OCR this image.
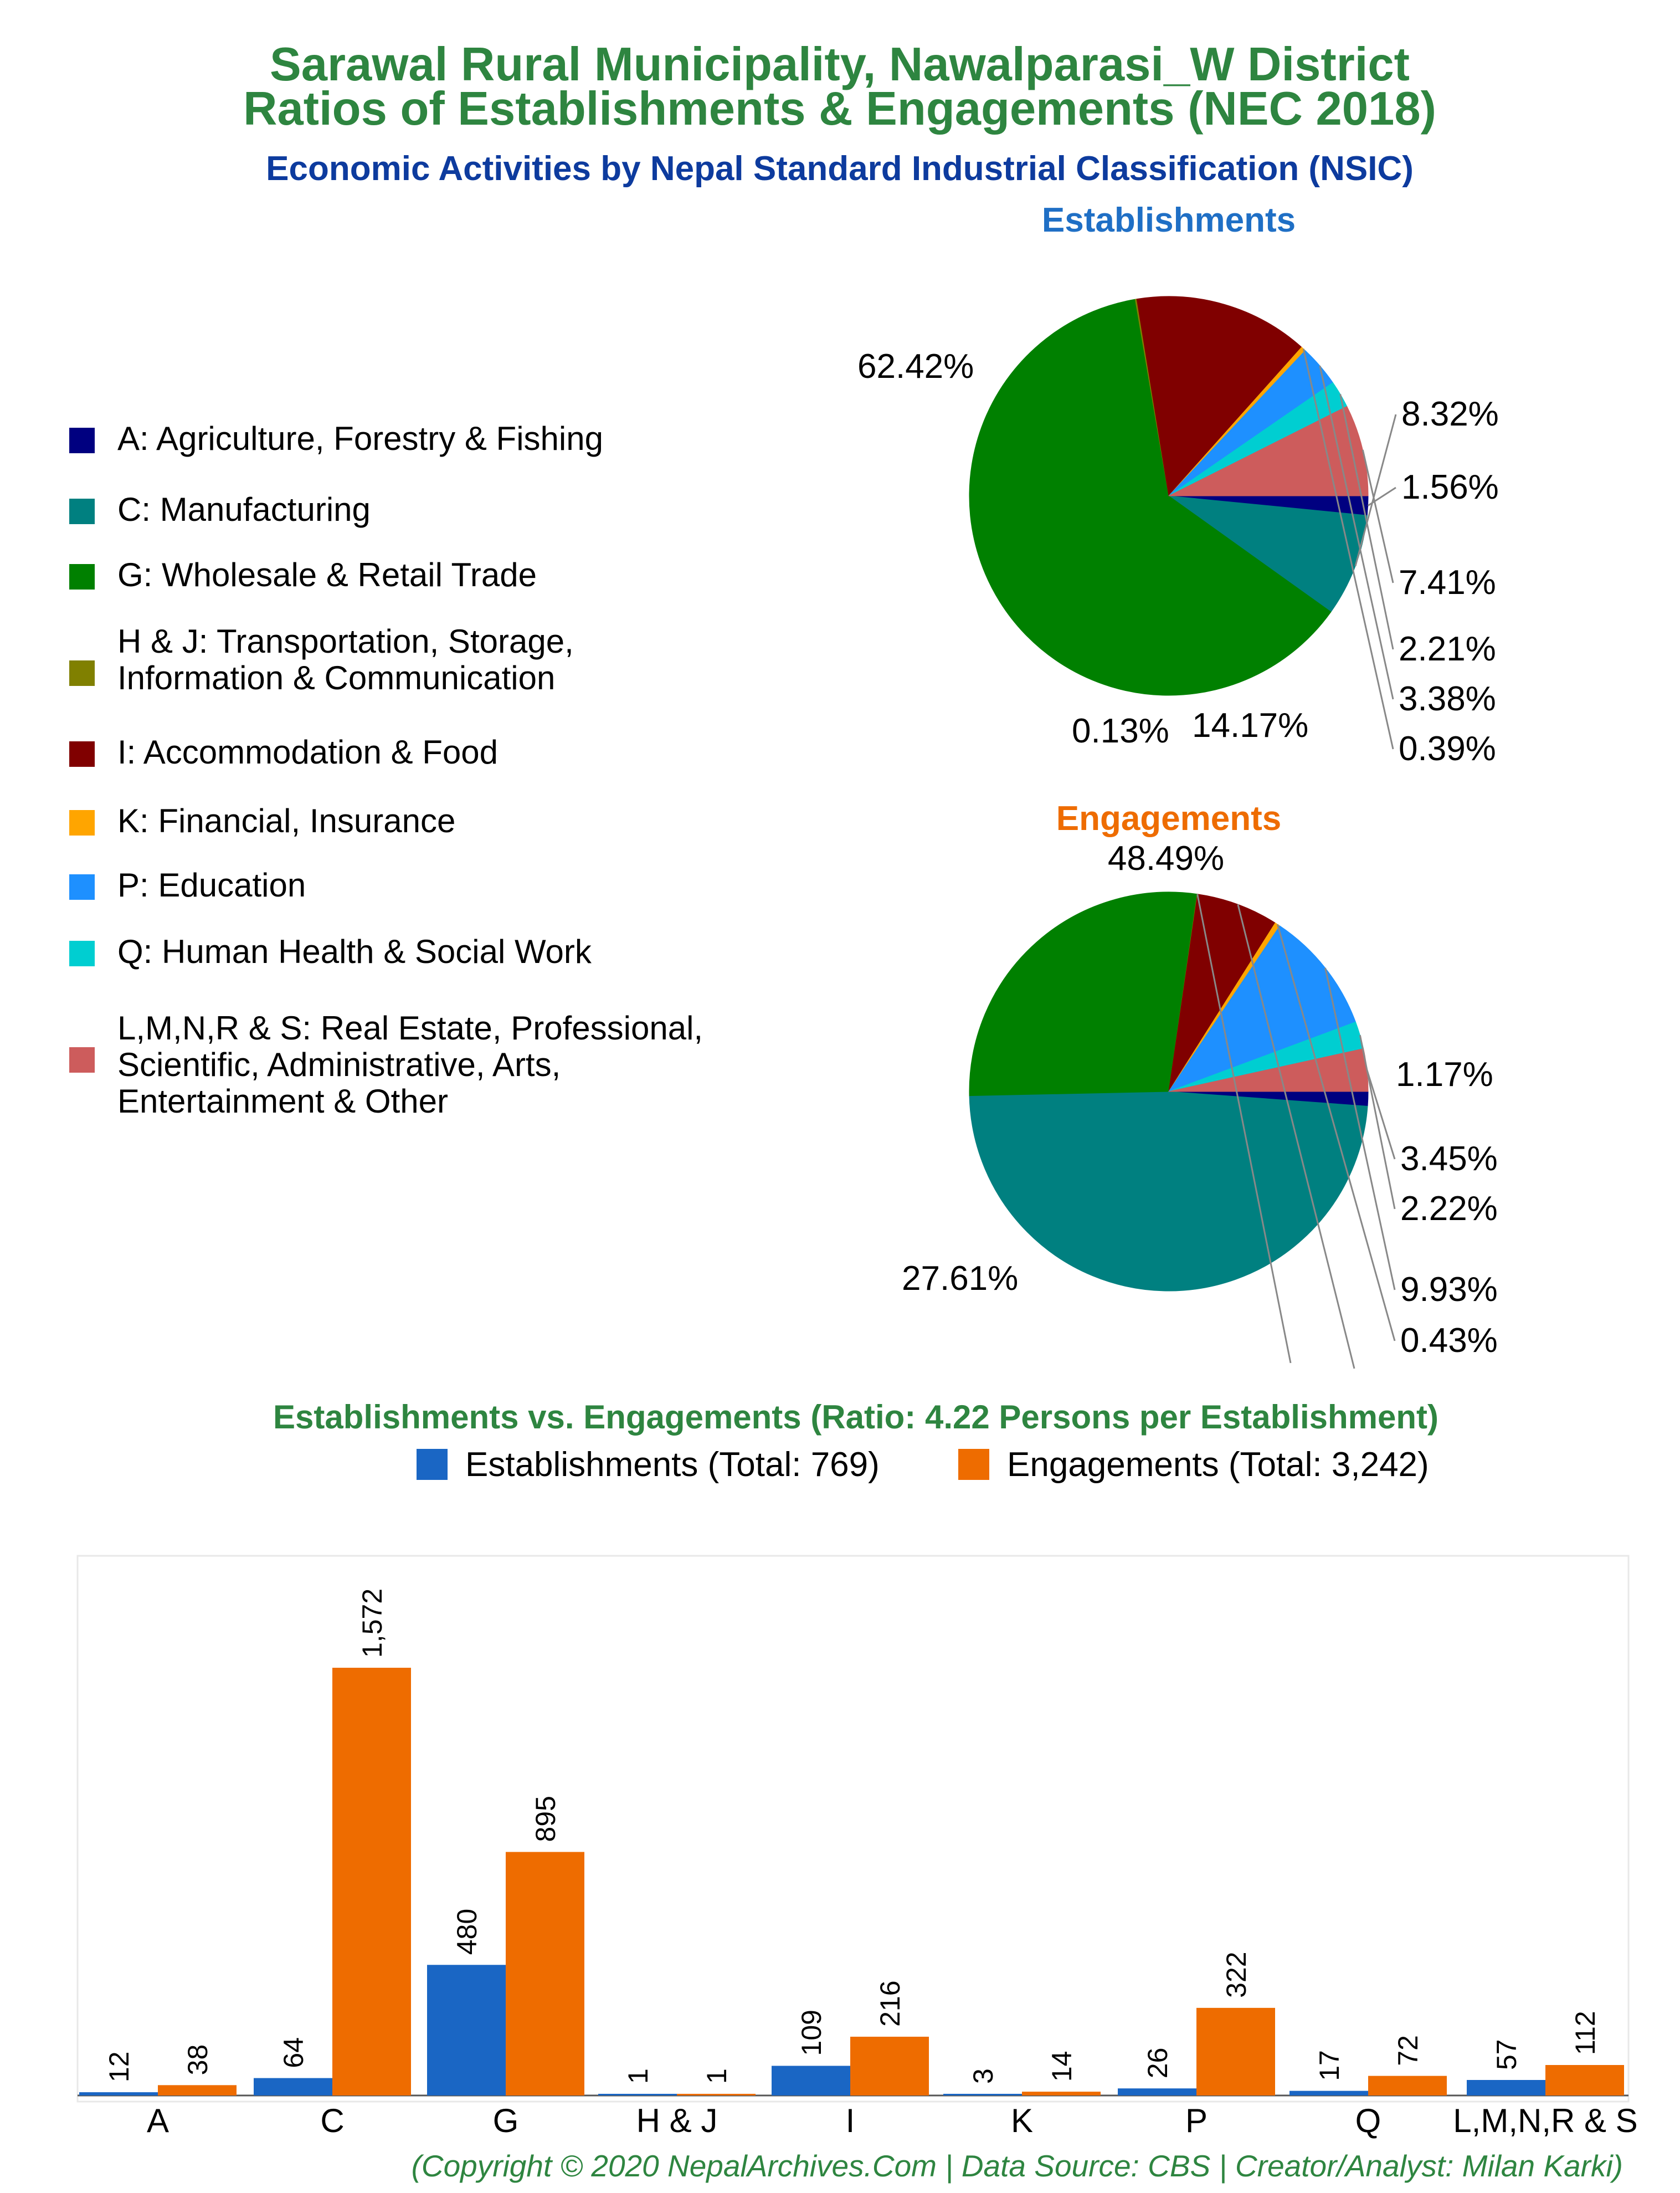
Sarawal Rural Municipality, Nawalparasi_W District
Ratios of Establishments & Engagements (NEC 2018)
Economic Activities by Nepal Standard Industrial Classification (NSIC)
Establishments
Engagements
A: Agriculture, Forestry & Fishing
C: Manufacturing
G: Wholesale & Retail Trade
H & J: Transportation, Storage,
Information & Communication
I: Accommodation & Food
K: Financial, Insurance
P: Education
Q: Human Health & Social Work
L,M,N,R & S: Real Estate, Professional,
Scientific, Administrative, Arts,
Entertainment & Other
1.56%
8.32%
62.42%
0.13% 14.17%
0.39%
3.38%
2.21%
7.41%
1.17%
48.49%
27.61%
0.43%
9.93%
2.22%
3.45%
Establishments vs. Engagements (Ratio: 4.22 Persons per Establishment)
Establishments (Total: 769)	Engagements (Total: 3,242)
12 38
A
64
1,572
C
480
895
G
1 1
H & J
109
216
I
3 14
K
26
322
P
17 72
Q
57 112
L,M,N,R & S
(Copyright © 2020 NepalArchives.Com | Data Source: CBS | Creator/Analyst: Milan Karki)
